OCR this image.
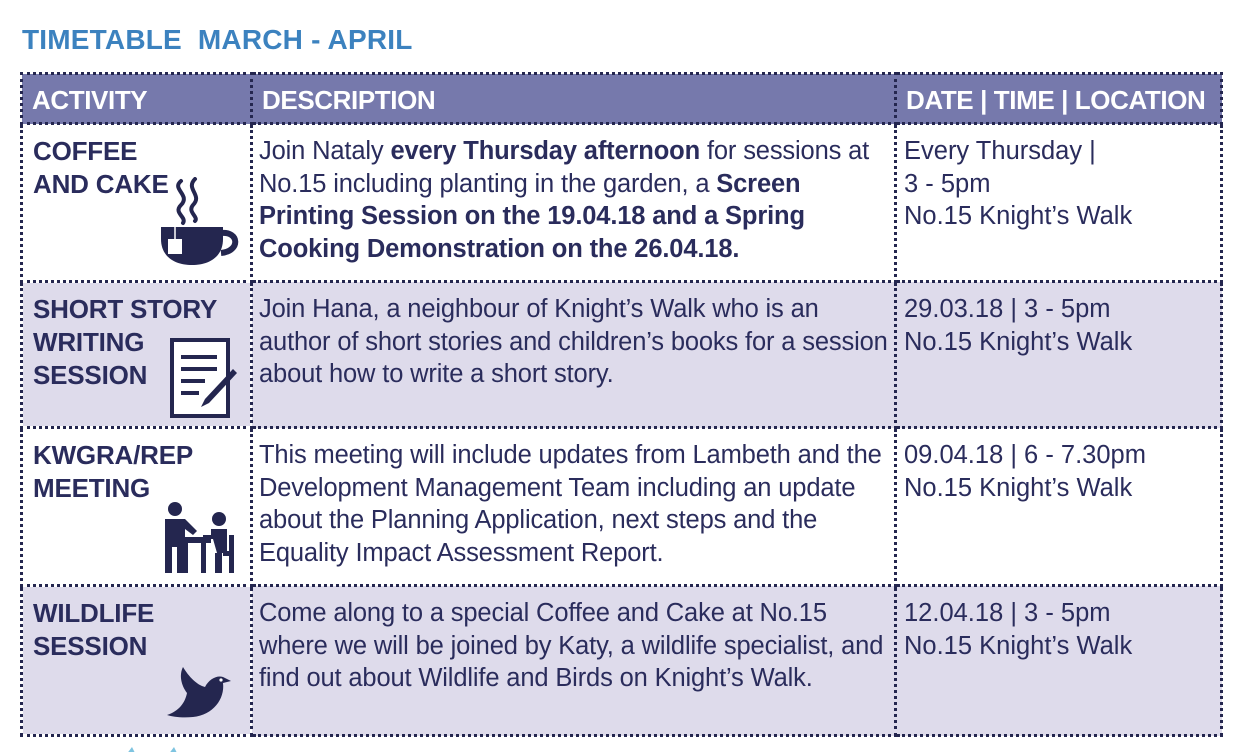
TIMETABLE  MARCH - APRIL
ACTIVITY	DESCRIPTION	DATE | TIME | LOCATION

COFFEE
AND CAKE	Join Nataly every Thursday afternoon for sessions at No.15 including planting in the garden, a Screen Printing Session on the 19.04.18 and a Spring Cooking Demonstration on the 26.04.18.	Every Thursday |
3 - 5pm
No.15 Knight’s Walk

SHORT STORY
WRITING
SESSION	Join Hana, a neighbour of Knight’s Walk who is an author of short stories and children’s books for a session about how to write a short story.	29.03.18 | 3 - 5pm
No.15 Knight’s Walk

KWGRA/REP
MEETING	This meeting will include updates from Lambeth and the Development Management Team including an update about the Planning Application, next steps and the Equality Impact Assessment Report.	09.04.18 | 6 - 7.30pm
No.15 Knight’s Walk

WILDLIFE
SESSION	Come along to a special Coffee and Cake at No.15 where we will be joined by Katy, a wildlife specialist, and find out about Wildlife and Birds on Knight’s Walk.	12.04.18 | 3 - 5pm
No.15 Knight’s Walk
